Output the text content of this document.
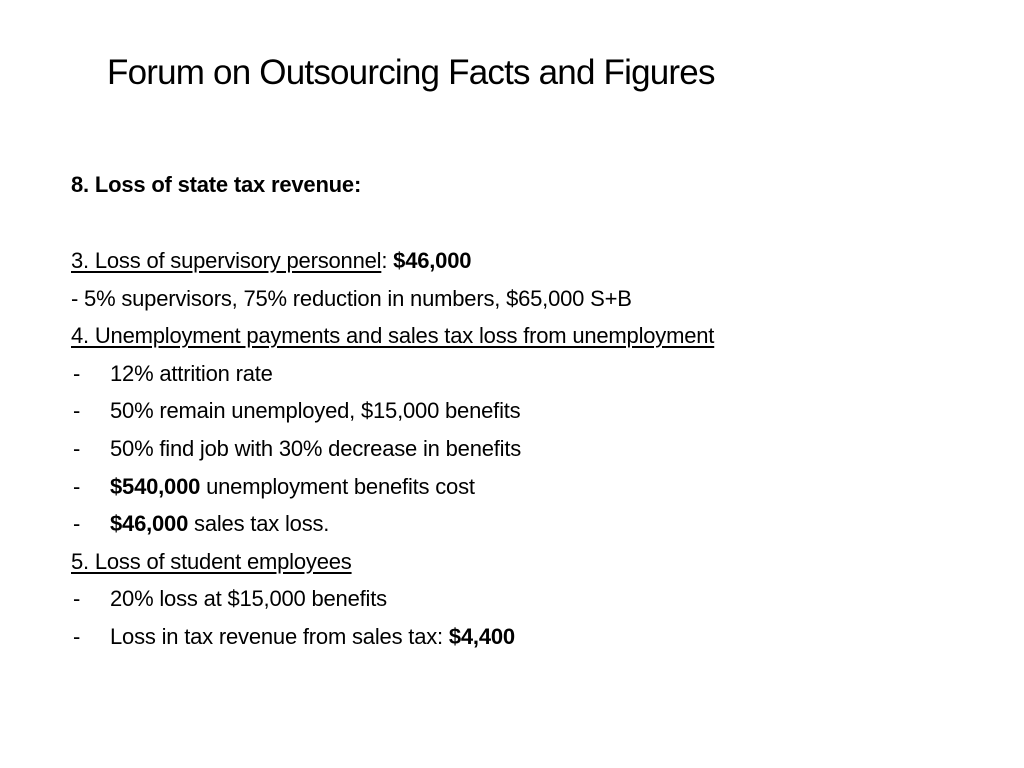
Forum on Outsourcing Facts and Figures
8. Loss of state tax revenue:
3. Loss of supervisory personnel: $46,000
- 5% supervisors, 75% reduction in numbers, $65,000 S+B
4. Unemployment payments and sales tax loss from unemployment
-	12% attrition rate
-	50% remain unemployed, $15,000 benefits
-	50% find job with 30% decrease in benefits
-	$540,000 unemployment benefits cost
-	$46,000 sales tax loss.
5. Loss of student employees
-	20% loss at $15,000 benefits
-	Loss in tax revenue from sales tax: $4,400
